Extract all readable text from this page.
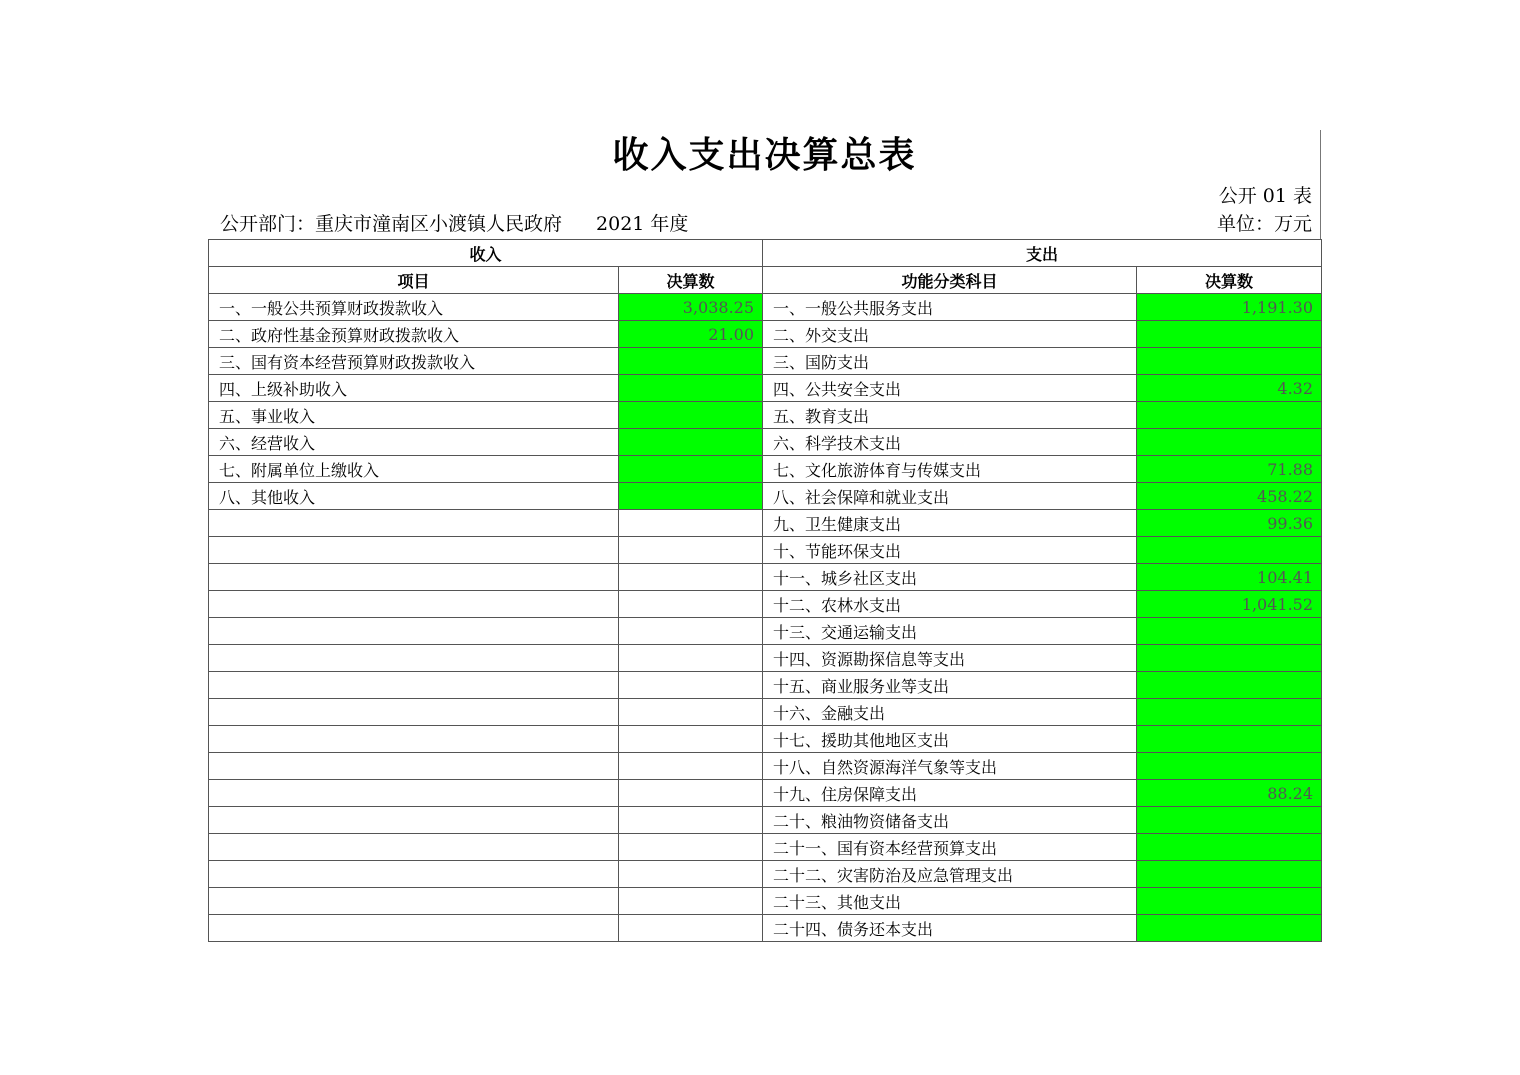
收入支出决算总表
公开 01 表
公开部门：重庆市潼南区小渡镇人民政府 2021 年度	单位：万元
收入		支出	
项目	决算数	功能分类科目	决算数
一、一般公共预算财政拨款收入	3,038.25	一、一般公共服务支出	1,191.30
二、政府性基金预算财政拨款收入	21.00	二、外交支出	
三、国有资本经营预算财政拨款收入		三、国防支出	
四、上级补助收入		四、公共安全支出	4.32
五、事业收入		五、教育支出	
六、经营收入		六、科学技术支出	
七、附属单位上缴收入		七、文化旅游体育与传媒支出	71.88
八、其他收入		八、社会保障和就业支出	458.22
		九、卫生健康支出	99.36
		十、节能环保支出	
		十一、城乡社区支出	104.41
		十二、农林水支出	1,041.52
		十三、交通运输支出	
		十四、资源勘探信息等支出	
		十五、商业服务业等支出	
		十六、金融支出	
		十七、援助其他地区支出	
		十八、自然资源海洋气象等支出	
		十九、住房保障支出	88.24
		二十、粮油物资储备支出	
		二十一、国有资本经营预算支出	
		二十二、灾害防治及应急管理支出	
		二十三、其他支出	
		二十四、债务还本支出	
